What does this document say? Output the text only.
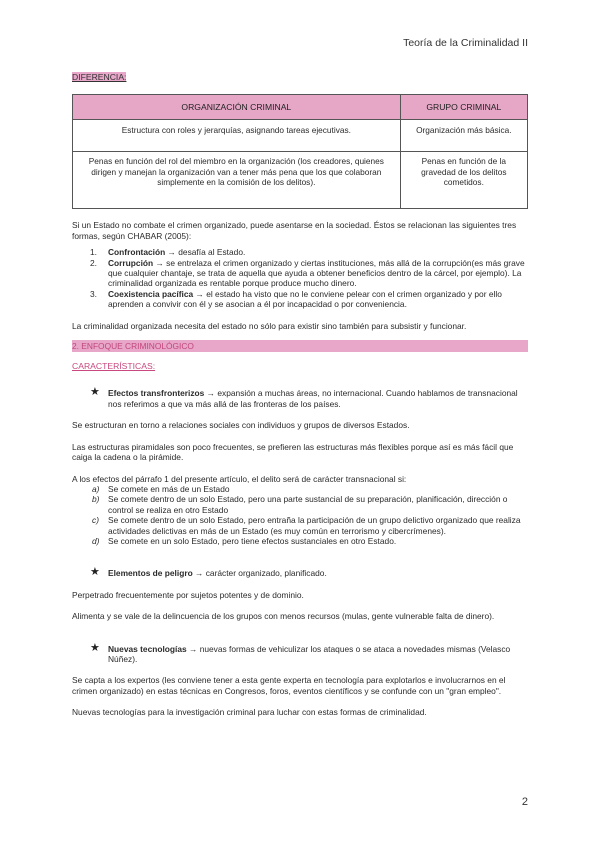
Teoría de la Criminalidad II
DIFERENCIA:
ORGANIZACIÓN CRIMINAL	GRUPO CRIMINAL
Estructura con roles y jerarquías, asignando tareas ejecutivas.	Organización más básica.
Penas en función del rol del miembro en la organización (los creadores, quienes dirigen y manejan la organización van a tener más pena que los que colaboran simplemente en la comisión de los delitos).	Penas en función de la gravedad de los delitos cometidos.

Si un Estado no combate el crimen organizado, puede asentarse en la sociedad. Éstos se relacionan las siguientes tres formas, según CHABAR (2005):

1. Confrontación → desafía al Estado.
2. Corrupción → se entrelaza el crimen organizado y ciertas instituciones, más allá de la corrupción(es más grave que cualquier chantaje, se trata de aquella que ayuda a obtener beneficios dentro de la cárcel, por ejemplo). La criminalidad organizada es rentable porque produce mucho dinero.
3. Coexistencia pacífica → el estado ha visto que no le conviene pelear con el crimen organizado y por ello aprenden a convivir con él y se asocian a él por incapacidad o por conveniencia.

La criminalidad organizada necesita del estado no sólo para existir sino también para subsistir y funcionar.

2. ENFOQUE CRIMINOLÓGICO

CARACTERÍSTICAS:

★ Efectos transfronterizos → expansión a muchas áreas, no internacional. Cuando hablamos de transnacional nos referimos a que va más allá de las fronteras de los países.

Se estructuran en torno a relaciones sociales con individuos y grupos de diversos Estados.

Las estructuras piramidales son poco frecuentes, se prefieren las estructuras más flexibles porque así es más fácil que caiga la cadena o la pirámide.

A los efectos del párrafo 1 del presente artículo, el delito será de carácter transnacional si:

a) Se comete en más de un Estado
b) Se comete dentro de un solo Estado, pero una parte sustancial de su preparación, planificación, dirección o control se realiza en otro Estado
c) Se comete dentro de un solo Estado, pero entraña la participación de un grupo delictivo organizado que realiza actividades delictivas en más de un Estado (es muy común en terrorismo y cibercrímenes).
d) Se comete en un solo Estado, pero tiene efectos sustanciales en otro Estado.
★ Elementos de peligro → carácter organizado, planificado.

Perpetrado frecuentemente por sujetos potentes y de dominio.

Alimenta y se vale de la delincuencia de los grupos con menos recursos (mulas, gente vulnerable falta de dinero).

★ Nuevas tecnologías → nuevas formas de vehiculizar los ataques o se ataca a novedades mismas (Velasco Núñez).

Se capta a los expertos (les conviene tener a esta gente experta en tecnología para explotarlos e involucrarnos en el crimen organizado) en estas técnicas en Congresos, foros, eventos científicos y se confunde con un "gran empleo".

Nuevas tecnologías para la investigación criminal para luchar con estas formas de criminalidad.

2
